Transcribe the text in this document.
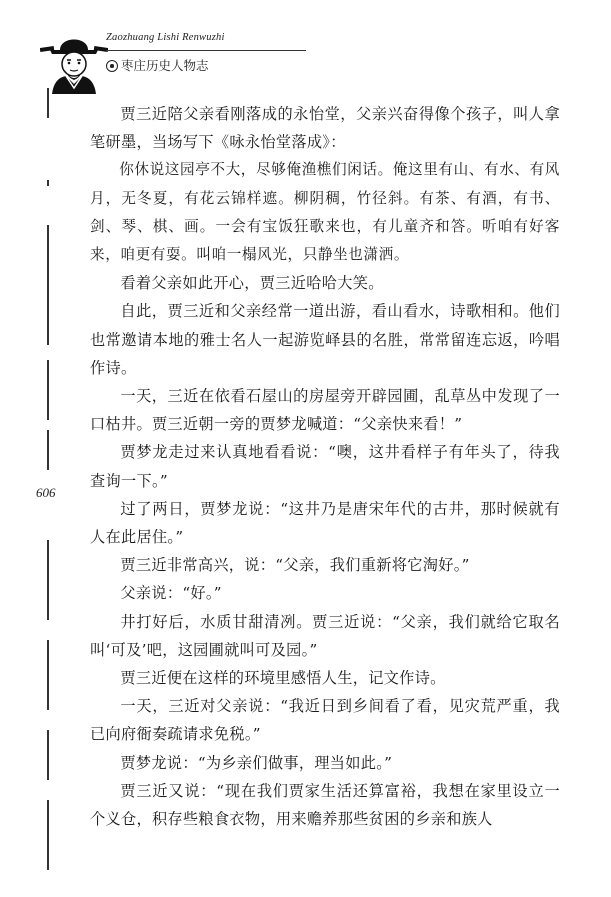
Zaozhuang Lishi Renwuzhi
枣庄历史人物志
606

贾三近陪父亲看刚落成的永怡堂，父亲兴奋得像个孩子，叫人拿笔研墨，当场写下《咏永怡堂落成》：

你休说这园亭不大，尽够俺渔樵们闲话。俺这里有山、有水、有风月，无冬夏，有花云锦样遮。柳阴稠，竹径斜。有茶、有酒，有书、剑、琴、棋、画。一会有宝饭狂歌来也，有儿童齐和答。听咱有好客来，咱更有耍。叫咱一榻风光，只静坐也潇洒。

看着父亲如此开心，贾三近哈哈大笑。

自此，贾三近和父亲经常一道出游，看山看水，诗歌相和。他们也常邀请本地的雅士名人一起游览峄县的名胜，常常留连忘返，吟唱作诗。

一天，三近在依看石屋山的房屋旁开辟园圃，乱草丛中发现了一口枯井。贾三近朝一旁的贾梦龙喊道：“父亲快来看！”

贾梦龙走过来认真地看看说：“噢，这井看样子有年头了，待我查询一下。”

过了两日，贾梦龙说：“这井乃是唐宋年代的古井，那时候就有人在此居住。”

贾三近非常高兴，说：“父亲，我们重新将它淘好。”

父亲说：“好。”

井打好后，水质甘甜清冽。贾三近说：“父亲，我们就给它取名叫‘可及’吧，这园圃就叫可及园。”

贾三近便在这样的环境里感悟人生，记文作诗。

一天，三近对父亲说：“我近日到乡间看了看，见灾荒严重，我已向府衙奏疏请求免税。”

贾梦龙说：“为乡亲们做事，理当如此。”

贾三近又说：“现在我们贾家生活还算富裕，我想在家里设立一个义仓，积存些粮食衣物，用来赡养那些贫困的乡亲和族人
